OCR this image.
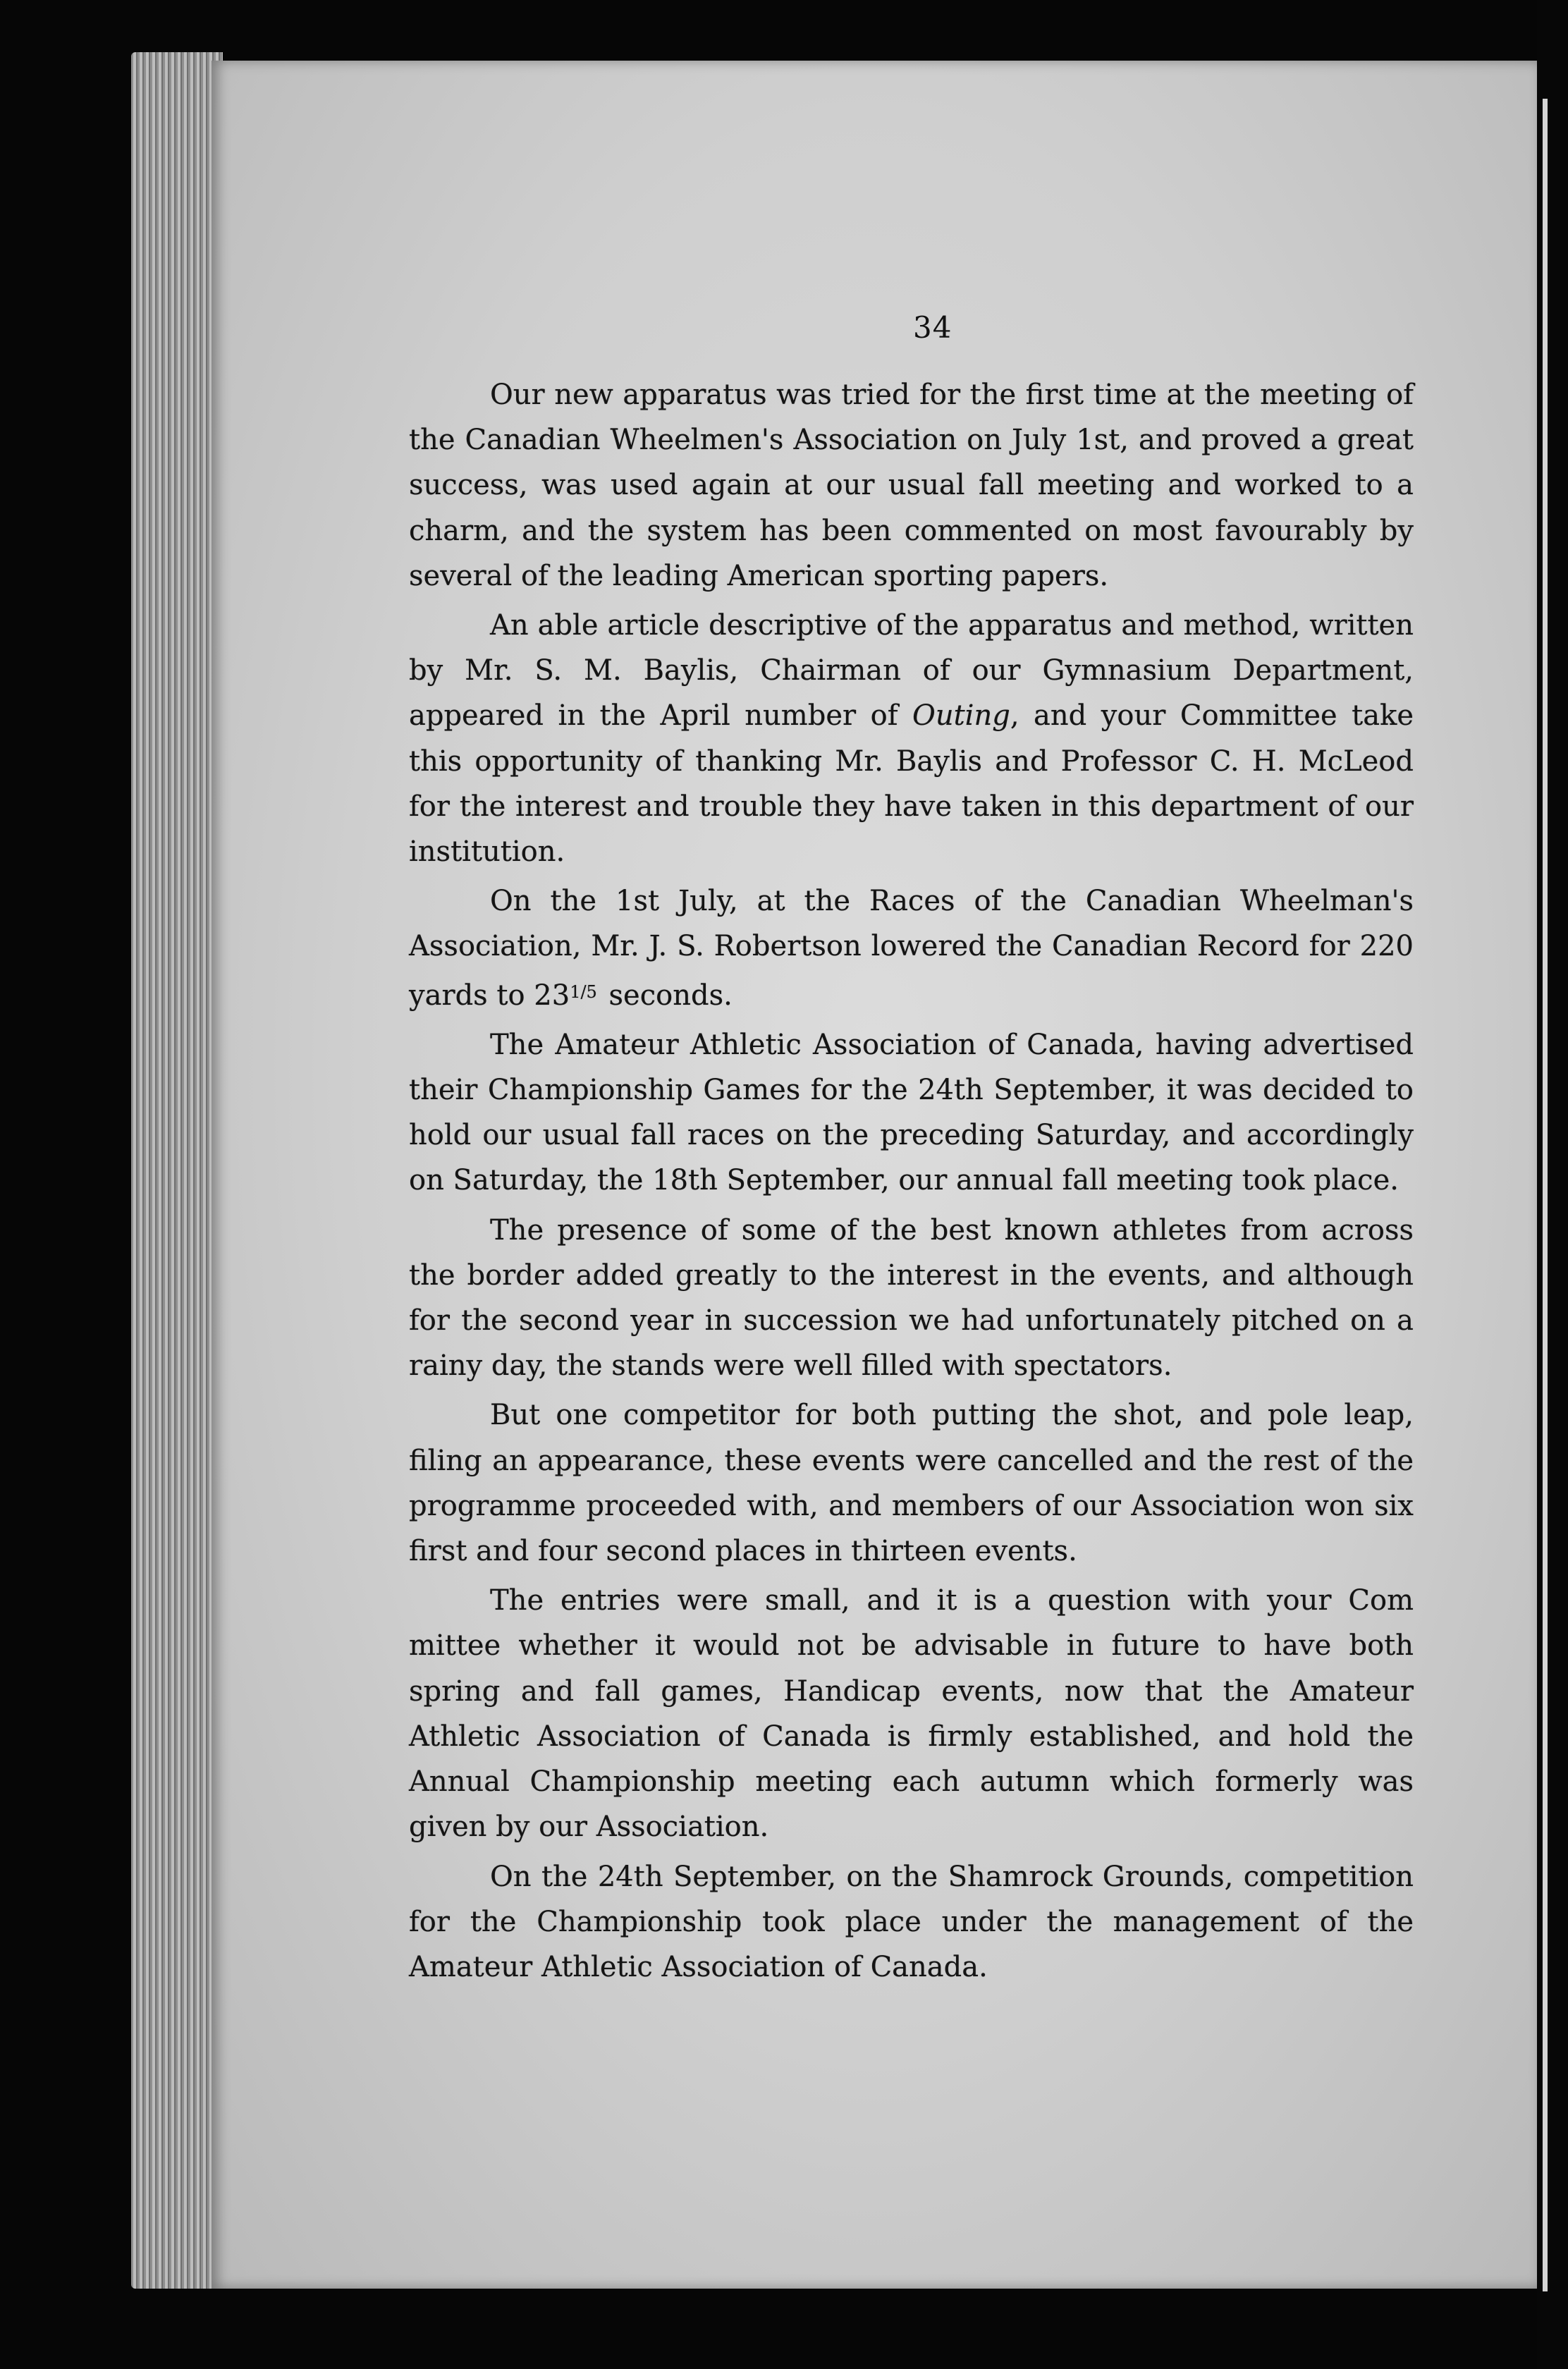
34

Our new apparatus was tried for the first time at the meeting of the Canadian Wheelmen's Association on July 1st, and proved a great success, was used again at our usual fall meeting and worked to a charm, and the system has been commented on most favourably by several of the leading American sporting papers.

An able article descriptive of the apparatus and method, written by Mr. S. M. Baylis, Chairman of our Gymnasium Department, appeared in the April number of Outing, and your Committee take this opportunity of thanking Mr. Baylis and Professor C. H. McLeod for the interest and trouble they have taken in this department of our institution.

On the 1st July, at the Races of the Canadian Wheelman's Association, Mr. J. S. Robertson lowered the Canadian Record for 220 yards to $23^{1/5}$ seconds.

The Amateur Athletic Association of Canada, having advertised their Championship Games for the 24th September, it was decided to hold our usual fall races on the preceding Saturday, and accordingly on Saturday, the 18th September, our annual fall meeting took place.

The presence of some of the best known athletes from across the border added greatly to the interest in the events, and although for the second year in succession we had unfortunately pitched on a rainy day, the stands were well filled with spectators.

But one competitor for both putting the shot, and pole leap, filing an appearance, these events were cancelled and the rest of the programme proceeded with, and members of our Association won six first and four second places in thirteen events.

The entries were small, and it is a question with your Com mittee whether it would not be advisable in future to have both spring and fall games, Handicap events, now that the Amateur Athletic Association of Canada is firmly established, and hold the Annual Championship meeting each autumn which formerly was given by our Association.

On the 24th September, on the Shamrock Grounds, competition for the Championship took place under the management of the Amateur Athletic Association of Canada.
